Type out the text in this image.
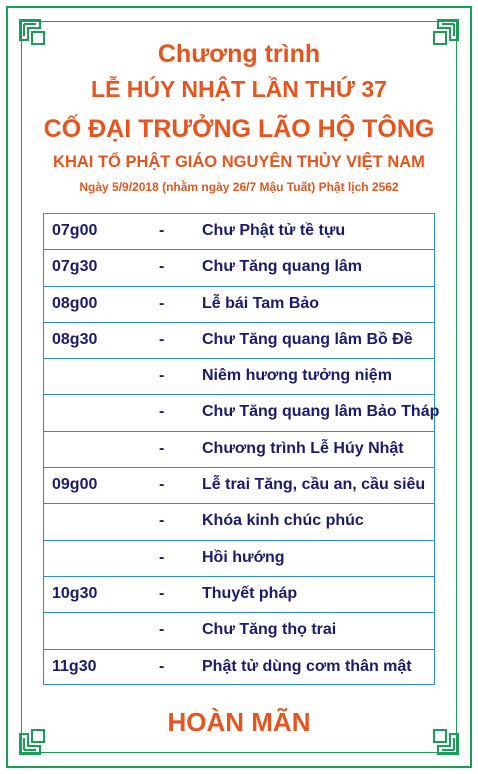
Chương trình
LỄ HÚY NHẬT LẦN THỨ 37
CỐ ĐẠI TRƯỞNG LÃO HỘ TÔNG
KHAI TỔ PHẬT GIÁO NGUYÊN THỦY VIỆT NAM
Ngày 5/9/2018 (nhằm ngày 26/7 Mậu Tuất) Phật lịch 2562
07g00	- Chư Phật tử tề tựu
07g30	- Chư Tăng quang lâm
08g00	- Lễ bái Tam Bảo
08g30	- Chư Tăng quang lâm Bồ Đề
- Niêm hương tưởng niệm
- Chư Tăng quang lâm Bảo Tháp
- Chương trình Lễ Húy Nhật
09g00	- Lễ trai Tăng, cầu an, cầu siêu
- Khóa kinh chúc phúc
- Hồi hướng
10g30	- Thuyết pháp
- Chư Tăng thọ trai
11g30	- Phật tử dùng cơm thân mật
HOÀN MÃN
